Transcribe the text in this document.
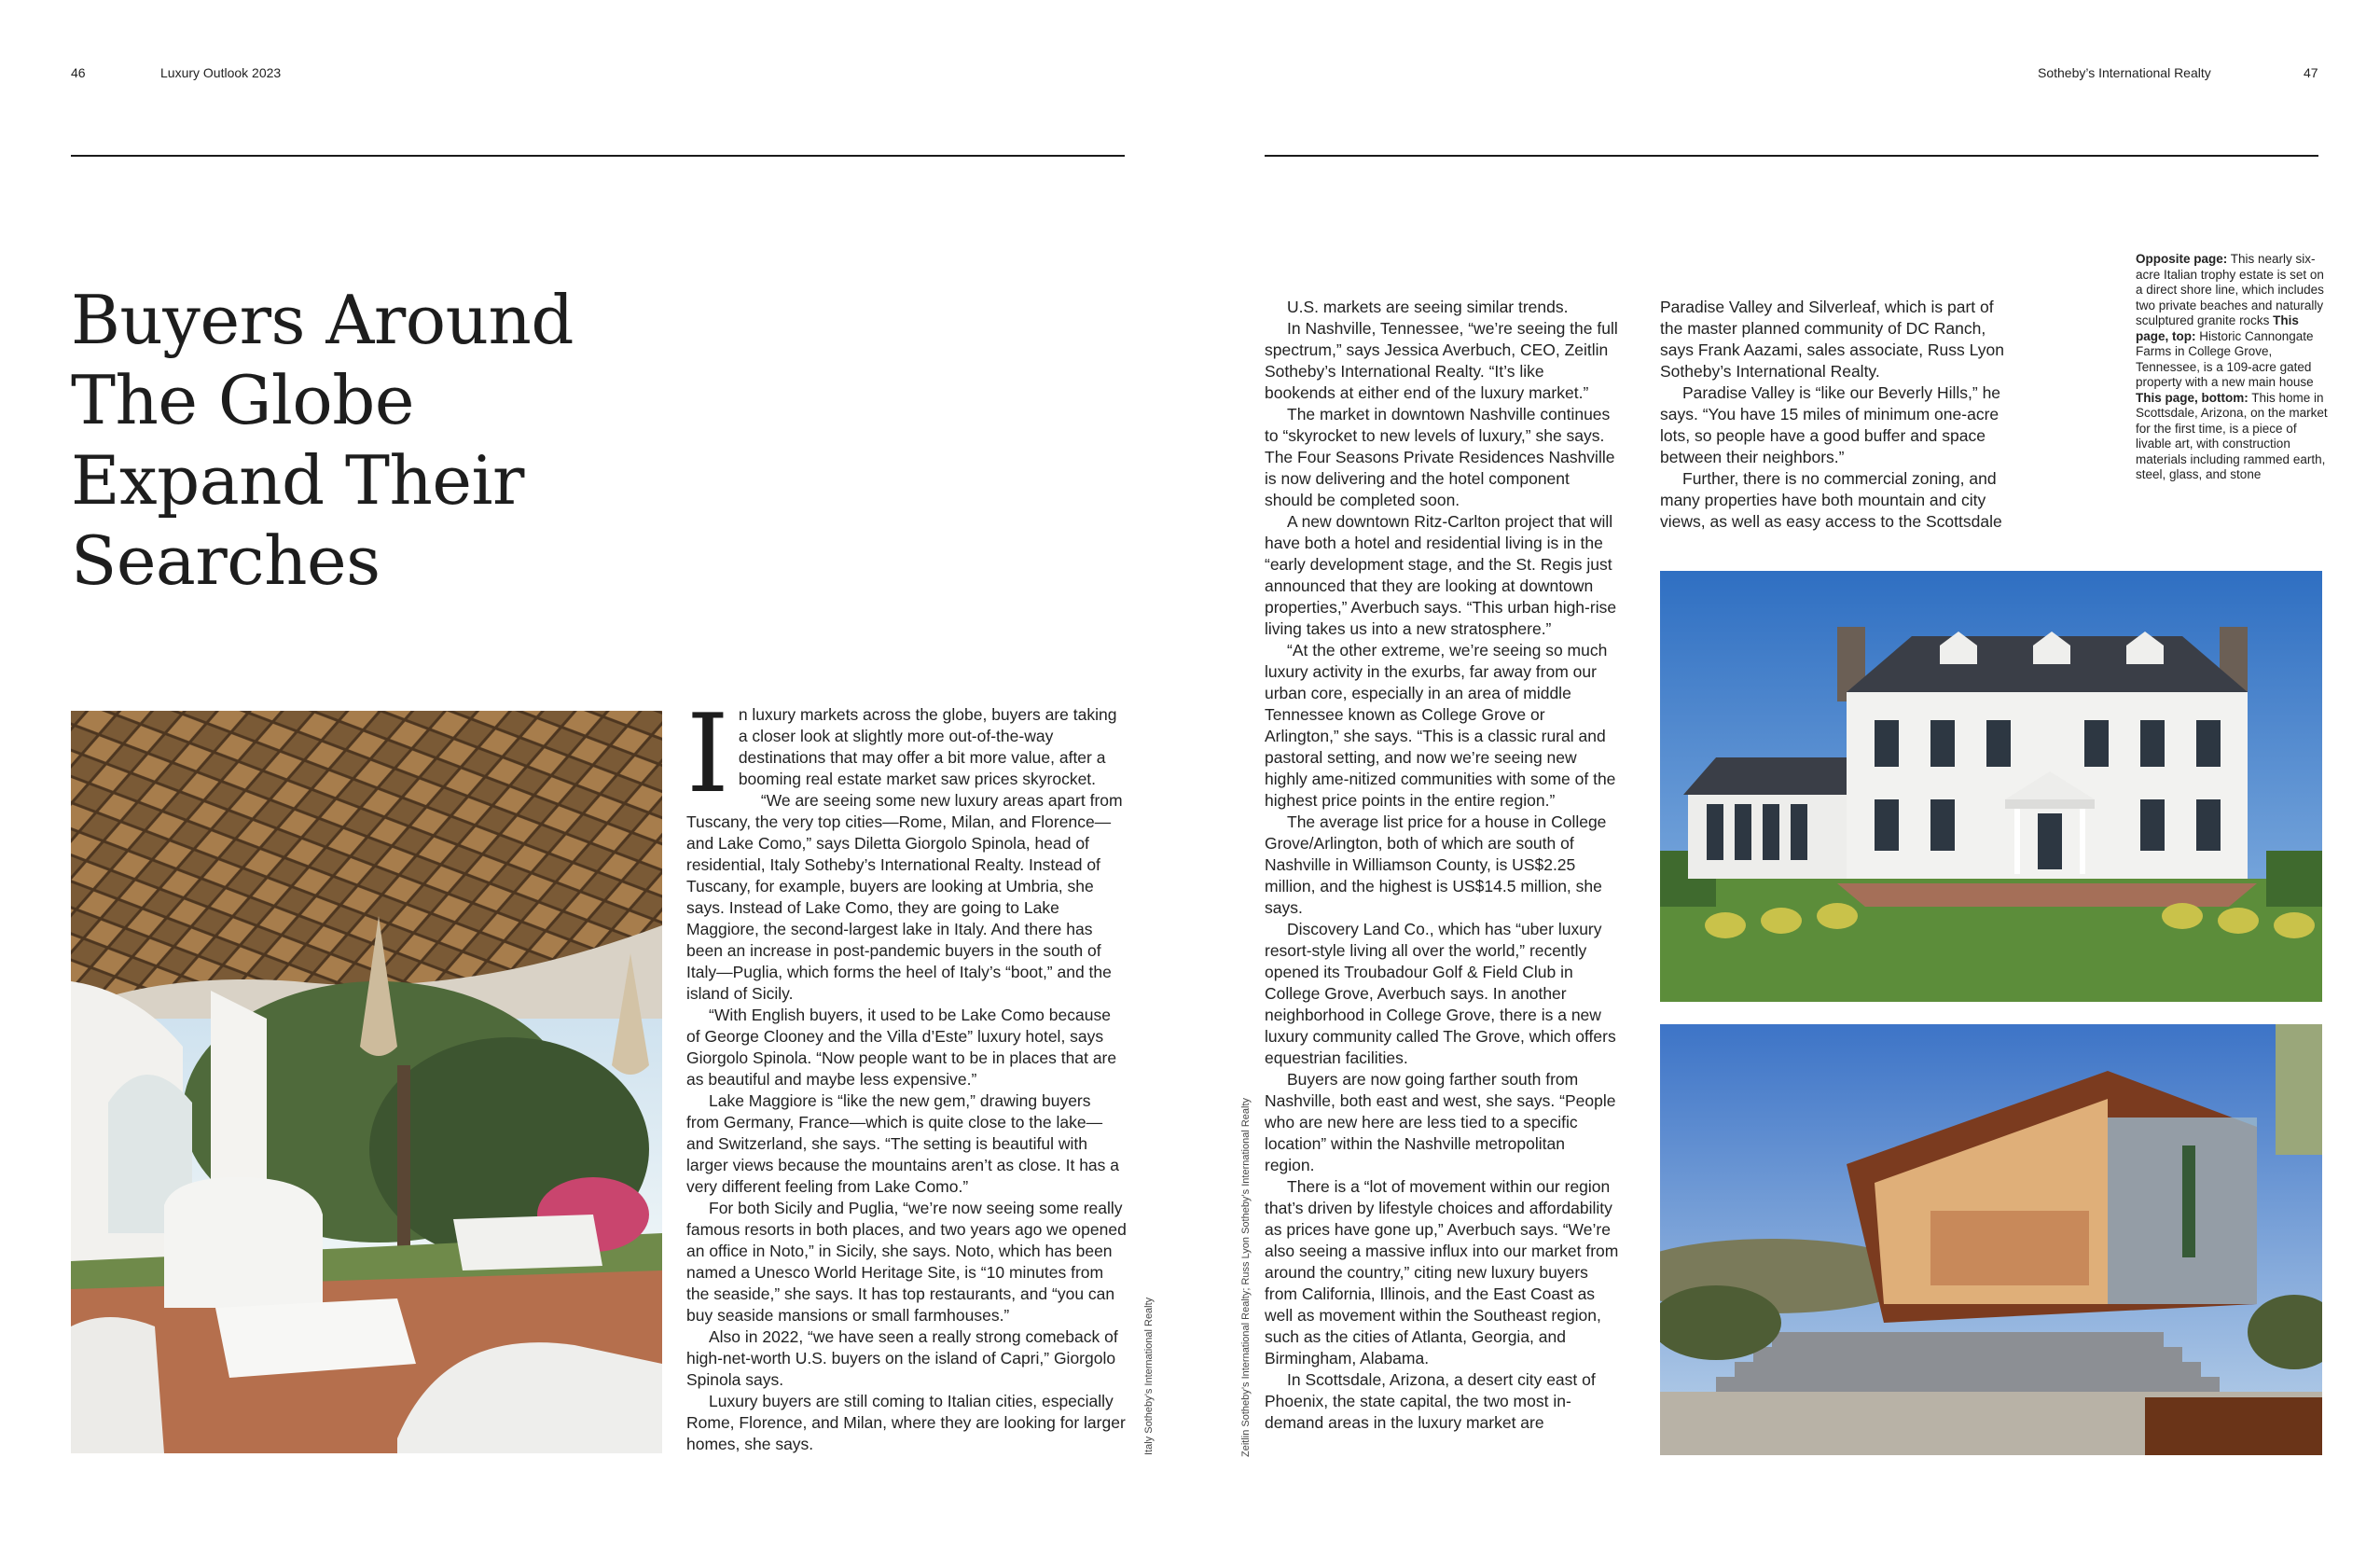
46	Luxury Outlook 2023	Sotheby’s International Realty	47
Buyers Around
The Globe
Expand Their
Searches

In luxury markets across the globe, buyers are taking a closer look at slightly more out-of-the-way destinations that may offer a bit more value, after a booming real estate market saw prices skyrocket.

“We are seeing some new luxury areas apart from Tuscany, the very top cities—Rome, Milan, and Florence—and Lake Como,” says Diletta Giorgolo Spinola, head of residential, Italy Sotheby’s International Realty. Instead of Tuscany, for example, buyers are looking at Umbria, she says. Instead of Lake Como, they are going to Lake Maggiore, the second-largest lake in Italy. And there has been an increase in post-pandemic buyers in the south of Italy—Puglia, which forms the heel of Italy’s “boot,” and the island of Sicily.

“With English buyers, it used to be Lake Como because of George Clooney and the Villa d’Este” luxury hotel, says Giorgolo Spinola. “Now people want to be in places that are as beautiful and maybe less expensive.”

Lake Maggiore is “like the new gem,” drawing buyers from Germany, France—which is quite close to the lake—and Switzerland, she says. “The setting is beautiful with larger views because the mountains aren’t as close. It has a very different feeling from Lake Como.”

For both Sicily and Puglia, “we’re now seeing some really famous resorts in both places, and two years ago we opened an office in Noto,” in Sicily, she says. Noto, which has been named a Unesco World Heritage Site, is “10 minutes from the seaside,” she says. It has top restaurants, and “you can buy seaside mansions or small farmhouses.”

Also in 2022, “we have seen a really strong comeback of high-net-worth U.S. buyers on the island of Capri,” Giorgolo Spinola says.

Luxury buyers are still coming to Italian cities, especially Rome, Florence, and Milan, where they are looking for larger homes, she says.	Italy Sotheby’s International Realty	Zeitlin Sotheby’s International Realty; Russ Lyon Sotheby’s International Realty

U.S. markets are seeing similar trends.

In Nashville, Tennessee, “we’re seeing the full spectrum,” says Jessica Averbuch, CEO, Zeitlin Sotheby’s International Realty. “It’s like bookends at either end of the luxury market.”

The market in downtown Nashville continues to “skyrocket to new levels of luxury,” she says. The Four Seasons Private Residences Nashville is now delivering and the hotel component should be completed soon.

A new downtown Ritz-Carlton project that will have both a hotel and residential living is in the “early development stage, and the St. Regis just announced that they are looking at downtown properties,” Averbuch says. “This urban high-rise living takes us into a new stratosphere.”

“At the other extreme, we’re seeing so much luxury activity in the exurbs, far away from our urban core, especially in an area of middle Tennessee known as College Grove or Arlington,” she says. “This is a classic rural and pastoral setting, and now we’re seeing new highly ame-nitized communities with some of the highest price points in the entire region.”

The average list price for a house in College Grove/Arlington, both of which are south of Nashville in Williamson County, is US$2.25 million, and the highest is US$14.5 million, she says.

Discovery Land Co., which has “uber luxury resort-style living all over the world,” recently opened its Troubadour Golf & Field Club in College Grove, Averbuch says. In another neighborhood in College Grove, there is a new luxury community called The Grove, which offers equestrian facilities.

Buyers are now going farther south from Nashville, both east and west, she says. “People who are new here are less tied to a specific location” within the Nashville metropolitan region.

There is a “lot of movement within our region that’s driven by lifestyle choices and affordability as prices have gone up,” Averbuch says. “We’re also seeing a massive influx into our market from around the country,” citing new luxury buyers from California, Illinois, and the East Coast as well as movement within the Southeast region, such as the cities of Atlanta, Georgia, and Birmingham, Alabama.

In Scottsdale, Arizona, a desert city east of Phoenix, the state capital, the two most in-demand areas in the luxury market are

Paradise Valley and Silverleaf, which is part of the master planned community of DC Ranch, says Frank Aazami, sales associate, Russ Lyon Sotheby’s International Realty.

Paradise Valley is “like our Beverly Hills,” he says. “You have 15 miles of minimum one-acre lots, so people have a good buffer and space between their neighbors.”

Further, there is no commercial zoning, and many properties have both mountain and city views, as well as easy access to the Scottsdale

Opposite page: This nearly six-acre Italian trophy estate is set on a direct shore line, which includes two private beaches and naturally sculptured granite rocks This page, top: Historic Cannongate Farms in College Grove, Tennessee, is a 109-acre gated property with a new main house This page, bottom: This home in Scottsdale, Arizona, on the market for the first time, is a piece of livable art, with construction materials including rammed earth, steel, glass, and stone
